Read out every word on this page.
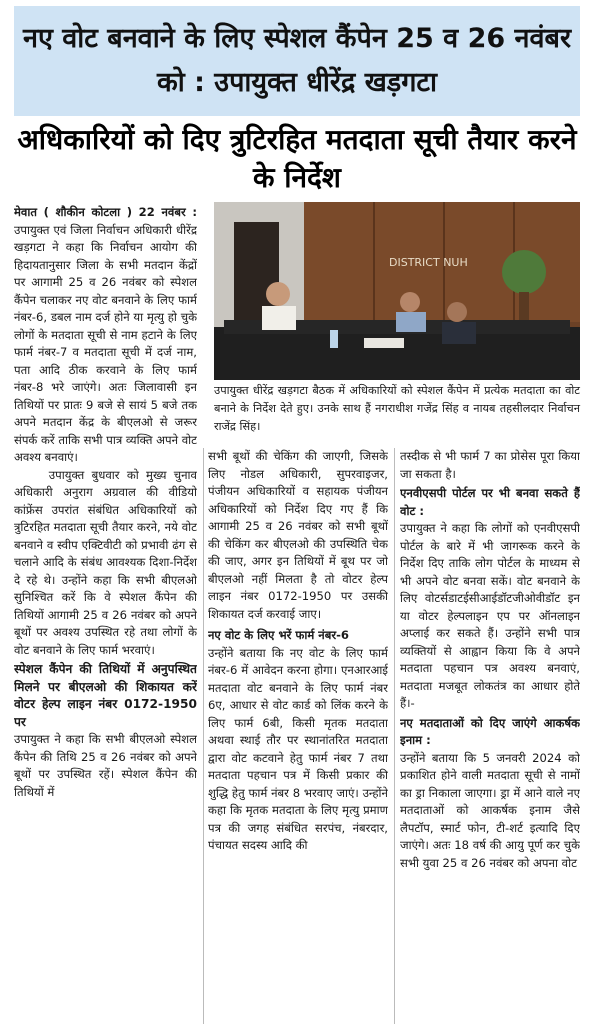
नए वोट बनवाने के लिए स्पेशल कैंपेन 25 व 26 नवंबर को : उपायुक्त धीरेंद्र खड़गटा
अधिकारियों को दिए त्रुटिरहित मतदाता सूची तैयार करने के निर्देश

मेवात ( शौकीन कोटला ) 22 नवंबर : उपायुक्त एवं जिला निर्वाचन अधिकारी धीरेंद्र खड़गटा ने कहा कि निर्वाचन आयोग की हिदायतानुसार जिला के सभी मतदान केंद्रों पर आगामी 25 व 26 नवंबर को स्पेशल कैंपेन चलाकर नए वोट बनवाने के लिए फार्म नंबर-6, डबल नाम दर्ज होने या मृत्यु हो चुके लोगों के मतदाता सूची से नाम हटाने के लिए फार्म नंबर-7 व मतदाता सूची में दर्ज नाम, पता आदि ठीक करवाने के लिए फार्म नंबर-8 भरे जाएंगे। अतः जिलावासी इन तिथियों पर प्रातः 9 बजे से सायं 5 बजे तक अपने मतदान केंद्र के बीएलओ से जरूर संपर्क करें ताकि सभी पात्र व्यक्ति अपने वोट अवश्य बनवाएं।

उपायुक्त बुधवार को मुख्य चुनाव अधिकारी अनुराग अग्रवाल की वीडियो कांफ्रेंस उपरांत संबंधित अधिकारियों को त्रुटिरहित मतदाता सूची तैयार करने, नये वोट बनवाने व स्वीप एक्टिवीटी को प्रभावी ढंग से चलाने आदि के संबंध आवश्यक दिशा-निर्देश दे रहे थे। उन्होंने कहा कि सभी बीएलओ सुनिश्चित करें कि वे स्पेशल कैंपेन की तिथियों आगामी 25 व 26 नवंबर को अपने बूथों पर अवश्य उपस्थित रहे तथा लोगों के वोट बनवाने के लिए फार्म भरवाएं।

स्पेशल कैंपेन की तिथियों में अनुपस्थित मिलने पर बीएलओ की शिकायत करें वोटर हेल्प लाइन नंबर 0172-1950 पर

उपायुक्त ने कहा कि सभी बीएलओ स्पेशल कैंपेन की तिथि 25 व 26 नवंबर को अपने बूथों पर उपस्थित रहें। स्पेशल कैंपेन की तिथियों में

DISTRICT NUH
उपायुक्त धीरेंद्र खड़गटा बैठक में अधिकारियों को स्पेशल कैंपेन में प्रत्येक मतदाता का वोट बनाने के निर्देश देते हुए। उनके साथ हैं नगराधीश गजेंद्र सिंह व नायब तहसीलदार निर्वाचन राजेंद्र सिंह।

सभी बूथों की चेकिंग की जाएगी, जिसके लिए नोडल अधिकारी, सुपरवाइजर, पंजीयन अधिकारियों व सहायक पंजीयन अधिकारियों को निर्देश दिए गए हैं कि आगामी 25 व 26 नवंबर को सभी बूथों की चेकिंग कर बीएलओ की उपस्थिति चेक की जाए, अगर इन तिथियों में बूथ पर जो बीएलओ नहीं मिलता है तो वोटर हेल्प लाइन नंबर 0172-1950 पर उसकी शिकायत दर्ज करवाई जाए।

नए वोट के लिए भरें फार्म नंबर-6

उन्होंने बताया कि नए वोट के लिए फार्म नंबर-6 में आवेदन करना होगा। एनआरआई मतदाता वोट बनवाने के लिए फार्म नंबर 6ए, आधार से वोट कार्ड को लिंक करने के लिए फार्म 6बी, किसी मृतक मतदाता अथवा स्थाई तौर पर स्थानांतरित मतदाता द्वारा वोट कटवाने हेतु फार्म नंबर 7 तथा मतदाता पहचान पत्र में किसी प्रकार की शुद्धि हेतु फार्म नंबर 8 भरवाए जाएं। उन्होंने कहा कि मृतक मतदाता के लिए मृत्यु प्रमाण पत्र की जगह संबंधित सरपंच, नंबरदार, पंचायत सदस्य आदि की

तस्दीक से भी फार्म 7 का प्रोसेस पूरा किया जा सकता है।

एनवीएसपी पोर्टल पर भी बनवा सकते हैं वोट :

उपायुक्त ने कहा कि लोगों को एनवीएसपी पोर्टल के बारे में भी जागरूक करने के निर्देश दिए ताकि लोग पोर्टल के माध्यम से भी अपने वोट बनवा सकें। वोट बनवाने के लिए वोटर्सडाटईसीआईडॉटजीओवीडॉट इन या वोटर हेल्पलाइन एप पर ऑनलाइन अप्लाई कर सकते हैं। उन्होंने सभी पात्र व्यक्तियों से आह्वान किया कि वे अपने मतदाता पहचान पत्र अवश्य बनवाएं, मतदाता मजबूत लोकतंत्र का आधार होते हैं।-

नए मतदाताओं को दिए जाएंगे आकर्षक इनाम :

उन्होंने बताया कि 5 जनवरी 2024 को प्रकाशित होने वाली मतदाता सूची से नामों का ड्रा निकाला जाएगा। ड्रा में आने वाले नए मतदाताओं को आकर्षक इनाम जैसे लैपटॉप, स्मार्ट फोन, टी-शर्ट इत्यादि दिए जाएंगे। अतः 18 वर्ष की आयु पूर्ण कर चुके सभी युवा 25 व 26 नवंबर को अपना वोट
